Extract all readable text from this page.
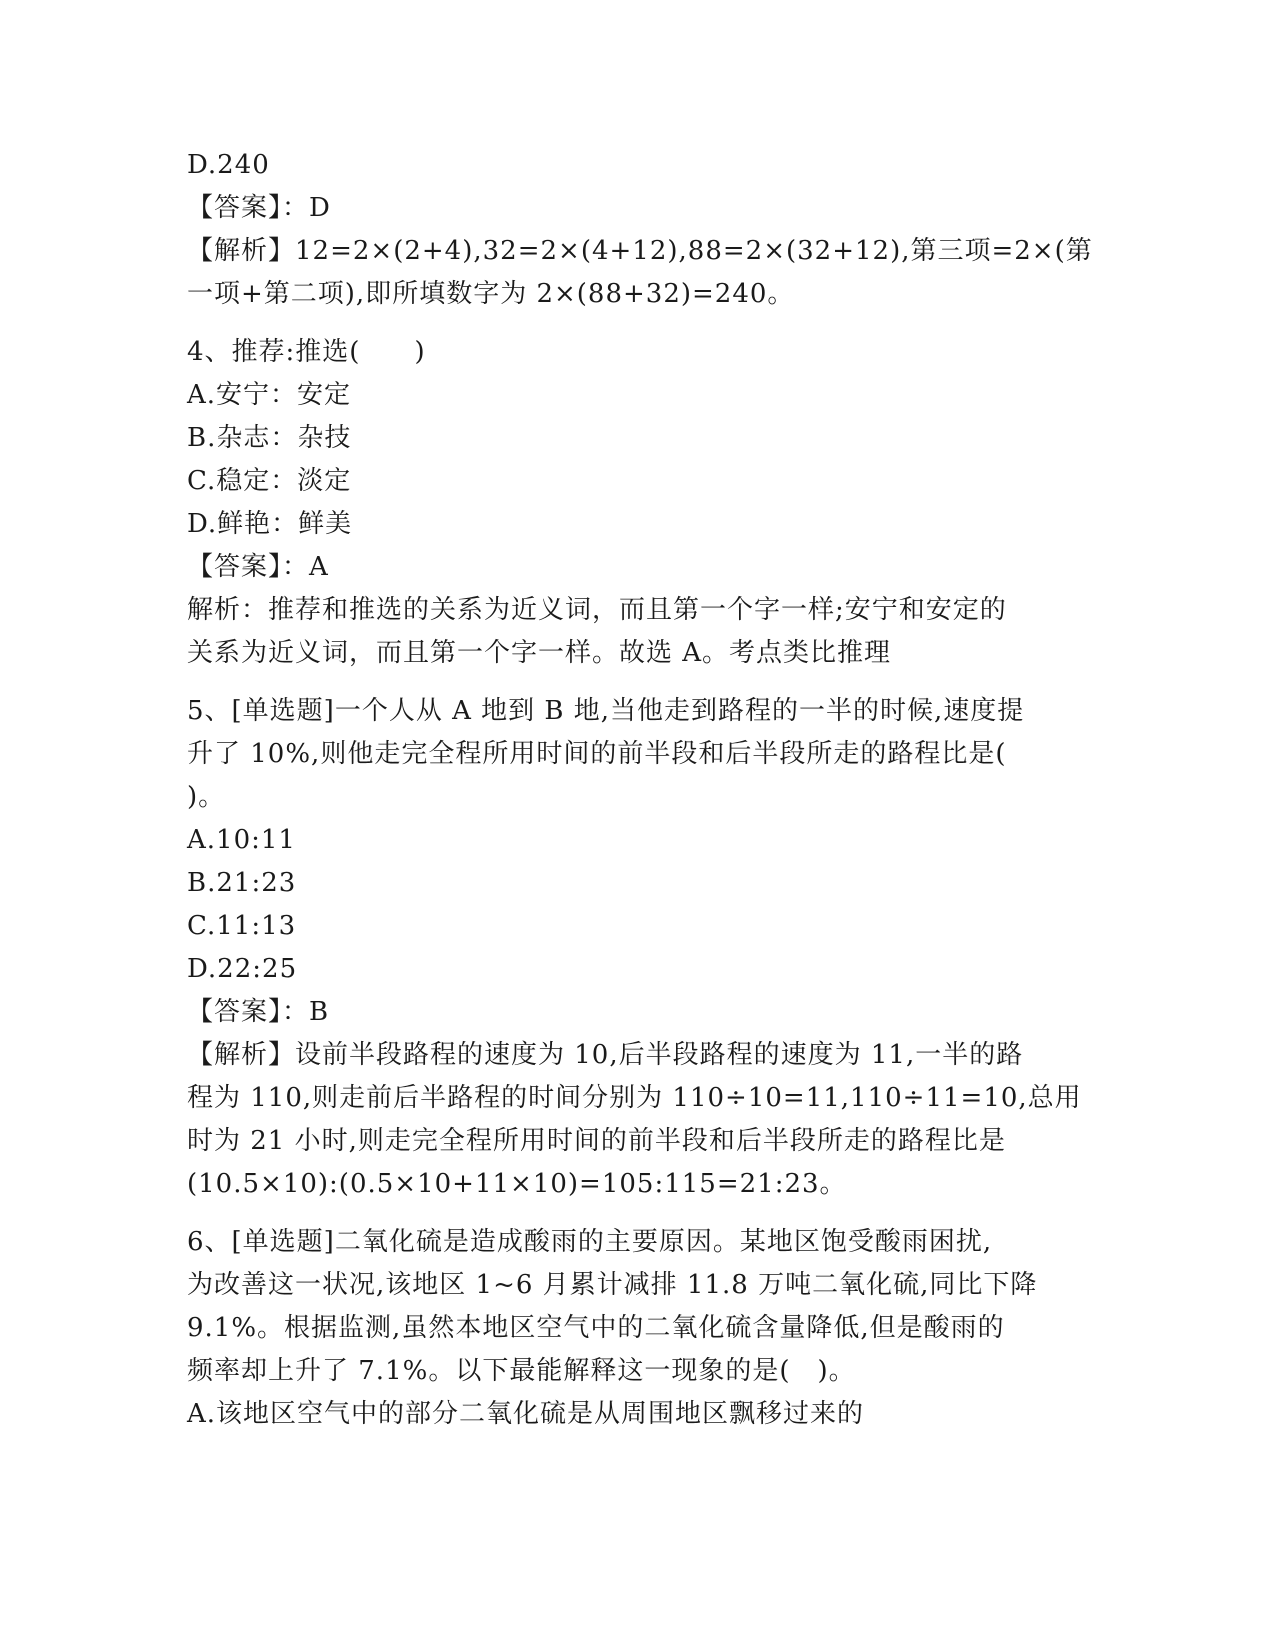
D.240
【答案】：D
【解析】12=2×(2+4),32=2×(4+12),88=2×(32+12),第三项=2×(第
一项+第二项),即所填数字为 2×(88+32)=240。
4、推荐:推选(　　)
A.安宁：安定
B.杂志：杂技
C.稳定：淡定
D.鲜艳：鲜美
【答案】：A
解析：推荐和推选的关系为近义词，而且第一个字一样;安宁和安定的
关系为近义词，而且第一个字一样。故选 A。考点类比推理
5、[单选题]一个人从 A 地到 B 地,当他走到路程的一半的时候,速度提
升了 10%,则他走完全程所用时间的前半段和后半段所走的路程比是(
)。
A.10:11
B.21:23
C.11:13
D.22:25
【答案】：B
【解析】设前半段路程的速度为 10,后半段路程的速度为 11,一半的路
程为 110,则走前后半路程的时间分别为 110÷10=11,110÷11=10,总用
时为 21 小时,则走完全程所用时间的前半段和后半段所走的路程比是
(10.5×10):(0.5×10+11×10)=105:115=21:23。
6、[单选题]二氧化硫是造成酸雨的主要原因。某地区饱受酸雨困扰,
为改善这一状况,该地区 1~6 月累计减排 11.8 万吨二氧化硫,同比下降
9.1%。根据监测,虽然本地区空气中的二氧化硫含量降低,但是酸雨的
频率却上升了 7.1%。以下最能解释这一现象的是(　)。
A.该地区空气中的部分二氧化硫是从周围地区飘移过来的
